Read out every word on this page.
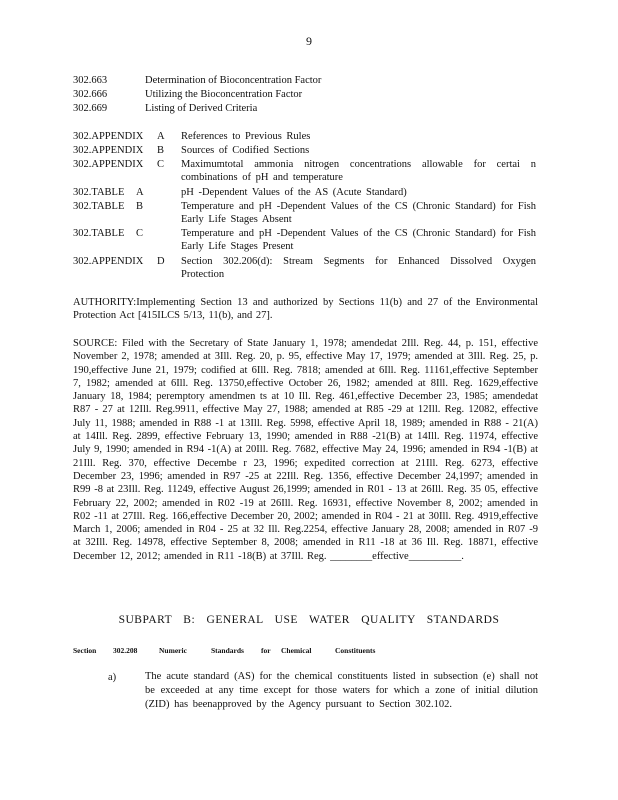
9
302.663	Determination of Bioconcentration Factor
302.666	Utilizing the Bioconcentration Factor
302.669	Listing of Derived Criteria
302.APPENDIX A References to Previous Rules
302.APPENDIX B Sources of Codified Sections
302.APPENDIX C Maximumtotal ammonia nitrogen concentrations allowable for certai n combinations of pH and temperature
302.TABLE A	pH -Dependent Values of the AS (Acute Standard)
302.TABLE B	Temperature and pH -Dependent Values of the CS (Chronic Standard) for Fish Early Life Stages Absent
302.TABLE C	Temperature and pH -Dependent Values of the CS (Chronic Standard) for Fish Early Life Stages Present
302.APPENDIX D Section 302.206(d): Stream Segments for Enhanced Dissolved Oxygen Protection
AUTHORITY:Implementing Section 13 and authorized by Sections 11(b) and 27 of the Environmental Protection Act [415ILCS 5/13, 11(b), and 27].
SOURCE: Filed with the Secretary of State January 1, 1978; amendedat 2Ill. Reg. 44, p. 151, effective November 2, 1978; amended at 3Ill. Reg. 20, p. 95, effective May 17, 1979; amended at 3Ill. Reg. 25, p. 190,effective June 21, 1979; codified at 6Ill. Reg. 7818; amended at 6Ill. Reg. 11161,effective September 7, 1982; amended at 6Ill. Reg. 13750,effective October 26, 1982; amended at 8Ill. Reg. 1629,effective January 18, 1984; peremptory amendmen ts at 10 Ill. Reg. 461,effective December 23, 1985; amendedat R87 - 27 at 12Ill. Reg.9911, effective May 27, 1988; amended at R85 -29 at 12Ill. Reg. 12082, effective July 11, 1988; amended in R88 -1 at 13Ill. Reg. 5998, effective April 18, 1989; amended in R88 - 21(A) at 14Ill. Reg. 2899, effective February 13, 1990; amended in R88 -21(B) at 14Ill. Reg. 11974, effective July 9, 1990; amended in R94 -1(A) at 20Ill. Reg. 7682, effective May 24, 1996; amended in R94 -1(B) at 21Ill. Reg. 370, effective Decembe r 23, 1996; expedited correction at 21Ill. Reg. 6273, effective December 23, 1996; amended in R97 -25 at 22Ill. Reg. 1356, effective December 24,1997; amended in R99 -8 at 23Ill. Reg. 11249, effective August 26,1999; amended in R01 - 13 at 26Ill. Reg. 35 05, effective February 22, 2002; amended in R02 -19 at 26Ill. Reg. 16931, effective November 8, 2002; amended in R02 -11 at 27Ill. Reg. 166,effective December 20, 2002; amended in R04 - 21 at 30Ill. Reg. 4919,effective March 1, 2006; amended in R04 - 25 at 32 Ill. Reg.2254, effective January 28, 2008; amended in R07 -9 at 32Ill. Reg. 14978, effective September 8, 2008; amended in R11 -18 at 36 Ill. Reg. 18871, effective December 12, 2012; amended in R11 -18(B) at 37Ill. Reg. ________effective__________.
SUBPART B: GENERAL USE WATER QUALITY STANDARDS
Section 302.208	Numeric	Standards for Chemical	Constituents
a)	The acute standard (AS) for the chemical constituents listed in subsection (e) shall not be exceeded at any time except for those waters for which a zone of initial dilution (ZID) has beenapproved by the Agency pursuant to Section 302.102.
